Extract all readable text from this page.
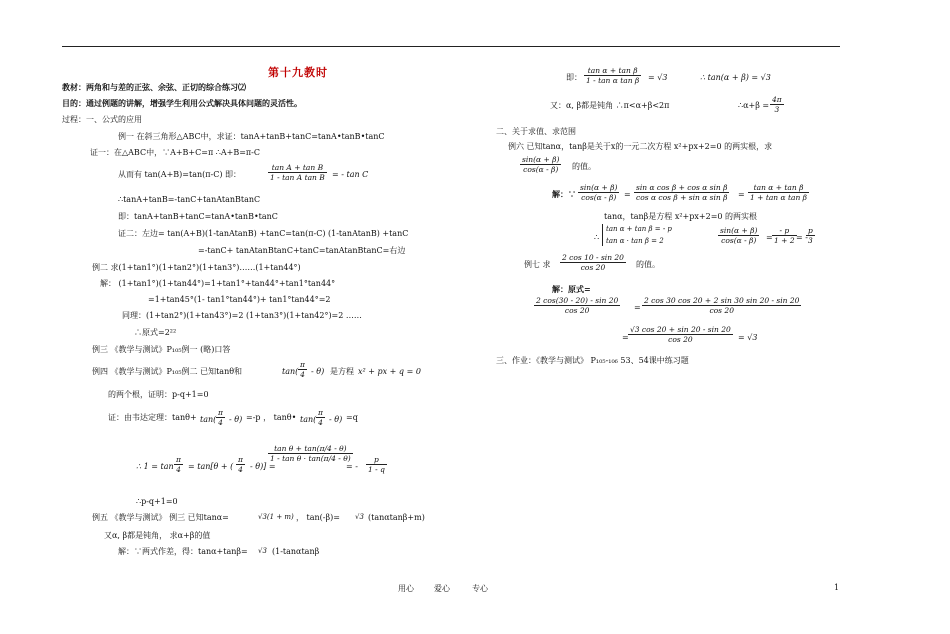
第十九教时
教材：两角和与差的正弦、余弦、正切的综合练习⑵
目的：通过例题的讲解，增强学生利用公式解决具体问题的灵活性。
过程：一、公式的应用
例一 在斜三角形△ABC中，求证：tanA+tanB+tanC=tanA•tanB•tanC
证一：在△ABC中，∵A+B+C=π ∴A+B=π-C
从而有 tan(A+B)=tan(π-C) 即：	$\frac{\text{tan A + tan B}}{\text{1 - tan A tan B}}$ = - tan C
∴tanA+tanB=-tanC+tanAtanBtanC
即：tanA+tanB+tanC=tanA•tanB•tanC
证二：左边= tan(A+B)(1-tanAtanB) +tanC=tan(π-C) (1-tanAtanB) +tanC
=-tanC+ tanAtanBtanC+tanC=tanAtanBtanC=右边
例二 求(1+tan1°)(1+tan2°)(1+tan3°)……(1+tan44°)
解： (1+tan1°)(1+tan44°)=1+tan1°+tan44°+tan1°tan44°
=1+tan45°(1- tan1°tan44°)+ tan1°tan44°=2
同理：(1+tan2°)(1+tan43°)=2 (1+tan3°)(1+tan42°)=2 ……
∴原式=2²²
例三 《教学与测试》P₁₀₅例一 (略)口答
例四 《教学与测试》P₁₀₅例二 已知tanθ和	$\tan( \frac{\pi}{4} - \theta)$ 是方程 x² + px + q = 0
的两个根，证明：p-q+1=0
证：由韦达定理：$\tan\theta+ \tan( \frac{\pi}{4} - \theta) =-p$ ， tanθ• $\tan( \frac{\pi}{4} - \theta) =q$
∴ $1 = \tan \frac{\pi}{4} = \tan[\theta$ + ( $\frac{\pi}{4} - \theta$)] =
$\frac{\text{tan θ + tan(π/4 - θ)}}{\text{1 - tan θ · tan(π/4 - θ)}}$
= - $\frac{p}{1 - q}$
∴p-q+1=0
例五 《教学与测试》 例三 已知tanα=	√3(1 + m) ， tan(-β)= √3 (tanαtanβ+m)
又α, β都是钝角， 求α+β的值
解：∵两式作差，得：tanα+tanβ= √3 (1-tanαtanβ
即： $\frac{\text{tan α + tan β}}{\text{1 - tan α tan β}} = √3$	∴ tan(α + β) = √3
又：α, β都是钝角 ∴π<α+β<2π	∴α+β = $\frac{4\pi}{3}$
二、关于求值、求范围
例六 已知tanα，tanβ是关于x的一元二次方程 x²+px+2=0 的两实根，求
$\frac{\sin(\alpha + \beta)}{\cos(\alpha - \beta)}$ 的值。
解：∵ $\frac{\sin(\alpha + \beta)}{\cos(\alpha - \beta)} = \frac{\text{sin α cos β + cos α sin β}}{\text{cos α cos β + sin α sin β}} = \frac{\text{tan α + tan β}}{\text{1 + tan α tan β}}$
tanα，tanβ是方程 x²+px+2=0 的两实根
∴
tan α + tan β = - p
tan α · tan β = 2	$\frac{\sin(\alpha + \beta)}{\cos(\alpha - \beta)} = \frac{- p}{1 + 2}$ = -
$\frac{p}{3}$
例七 求 $\frac{2 \cos 10 - \sin 20}{\cos 20}$ 的值。
解：原式=
$\frac{2 \cos(30 - 20) - \sin 20}{\cos 20} = \frac{2 \cos 30 \cos 20 + 2 \sin 30 \sin 20 - \sin 20}{\cos 20}$
= $\frac{√3 \cos 20 + \sin 20 - \sin 20}{\cos 20} = √3$
三、作业：《教学与测试》 P₁₀₅-₁₀₆ 53、54课中练习题
用心	爱心	专心	1
